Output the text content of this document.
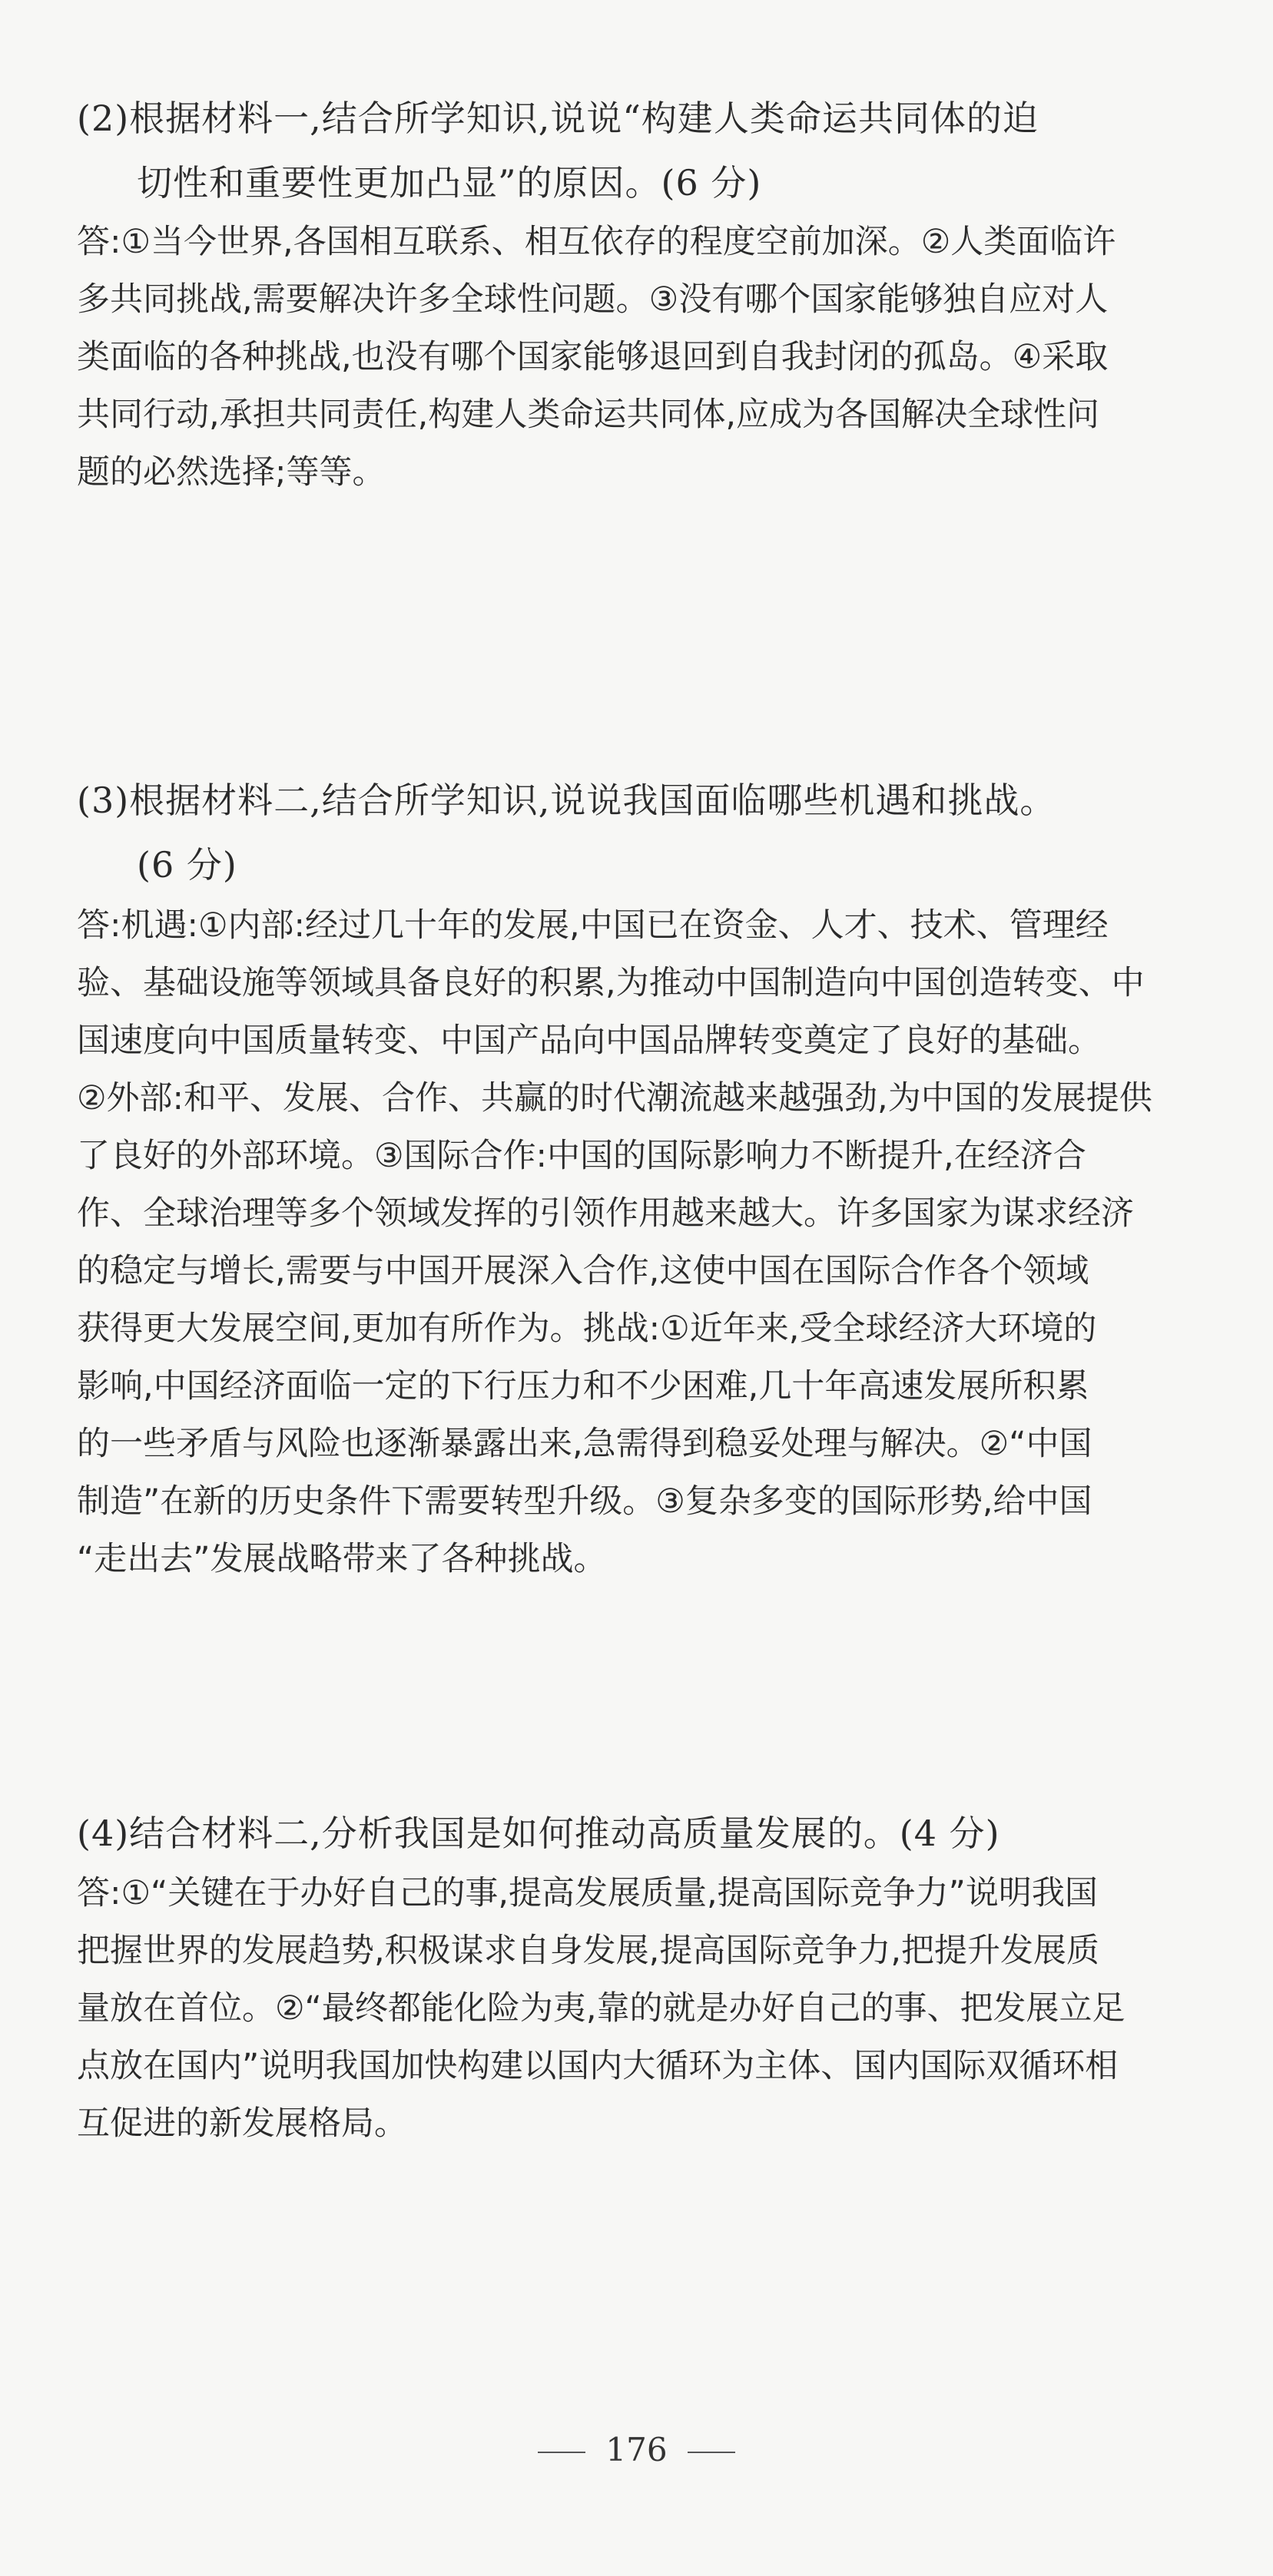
(2)根据材料一,结合所学知识,说说“构建人类命运共同体的迫
切性和重要性更加凸显”的原因。(6 分)
答:①当今世界,各国相互联系、相互依存的程度空前加深。②人类面临许
多共同挑战,需要解决许多全球性问题。③没有哪个国家能够独自应对人
类面临的各种挑战,也没有哪个国家能够退回到自我封闭的孤岛。④采取
共同行动,承担共同责任,构建人类命运共同体,应成为各国解决全球性问
题的必然选择;等等。
(3)根据材料二,结合所学知识,说说我国面临哪些机遇和挑战。
(6 分)
答:机遇:①内部:经过几十年的发展,中国已在资金、人才、技术、管理经
验、基础设施等领域具备良好的积累,为推动中国制造向中国创造转变、中
国速度向中国质量转变、中国产品向中国品牌转变奠定了良好的基础。
②外部:和平、发展、合作、共赢的时代潮流越来越强劲,为中国的发展提供
了良好的外部环境。③国际合作:中国的国际影响力不断提升,在经济合
作、全球治理等多个领域发挥的引领作用越来越大。许多国家为谋求经济
的稳定与增长,需要与中国开展深入合作,这使中国在国际合作各个领域
获得更大发展空间,更加有所作为。挑战:①近年来,受全球经济大环境的
影响,中国经济面临一定的下行压力和不少困难,几十年高速发展所积累
的一些矛盾与风险也逐渐暴露出来,急需得到稳妥处理与解决。②“中国
制造”在新的历史条件下需要转型升级。③复杂多变的国际形势,给中国
“走出去”发展战略带来了各种挑战。
(4)结合材料二,分析我国是如何推动高质量发展的。(4 分)
答:①“关键在于办好自己的事,提高发展质量,提高国际竞争力”说明我国
把握世界的发展趋势,积极谋求自身发展,提高国际竞争力,把提升发展质
量放在首位。②“最终都能化险为夷,靠的就是办好自己的事、把发展立足
点放在国内”说明我国加快构建以国内大循环为主体、国内国际双循环相
互促进的新发展格局。
176
